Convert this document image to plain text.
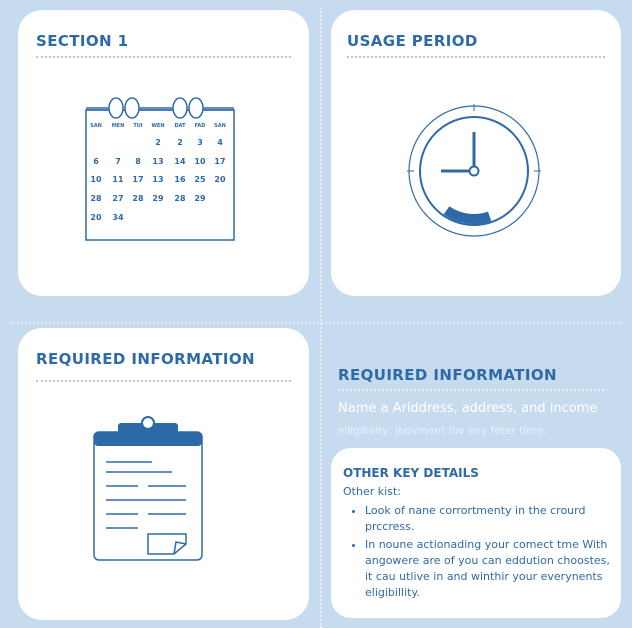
SECTION 1
SAN MEN TUI WEN DAT FAD SAN
2 2 3 4
6 7 8 13 14 10 17
10 11 17 13 16 25 20
28 27 28 29 28 29
20 34
USAGE PERIOD
REQUIRED INFORMATION
REQUIRED INFORMATION

Name a Ariddress, address, and income
elligibility, Jbovment fov eny feter time.

OTHER KEY DETAILS

Other kist:

• Look of nane corrortmenty in the crourd prccress.
• In noune actionading your comect tme With angowere are of you can eddution choostes, it cau utlive in and winthir your everynents eligibillity.
